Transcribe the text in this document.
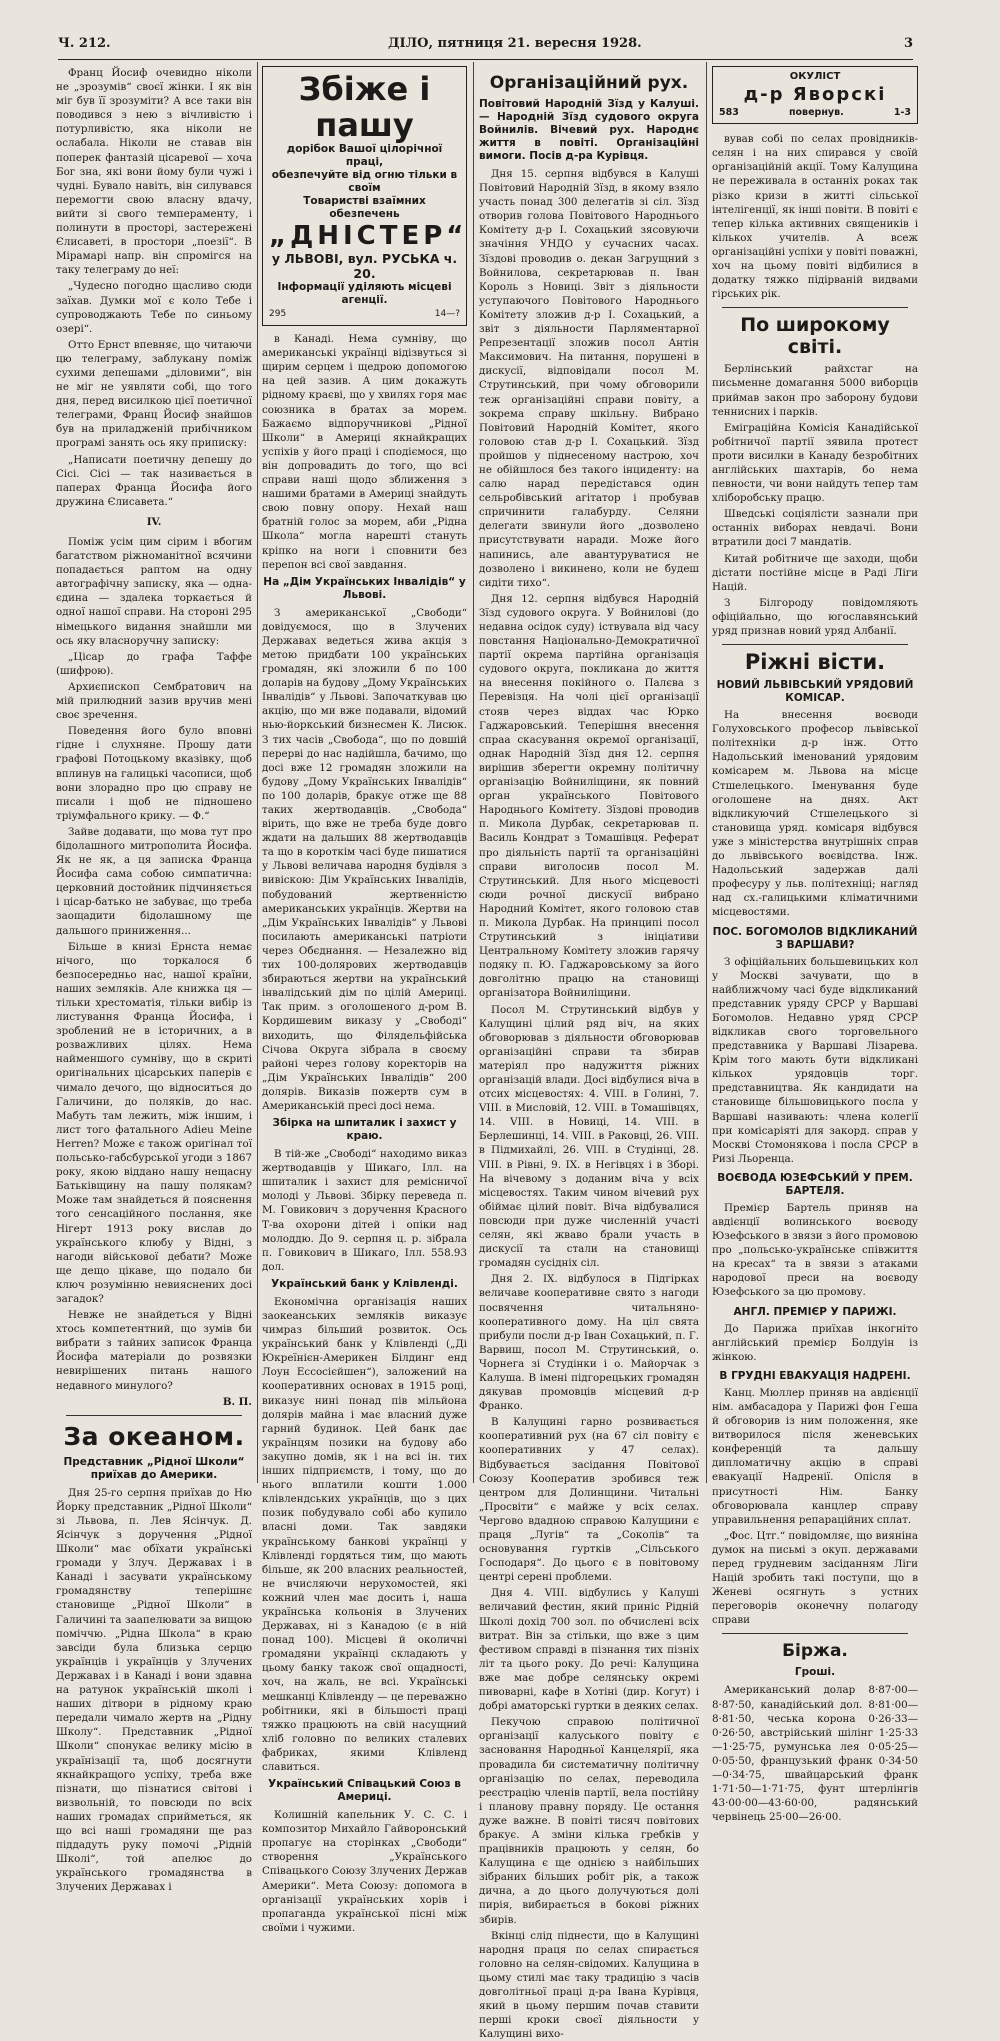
Ч. 212.	ДІЛО, пятниця 21. вересня 1928.	3

Франц Йосиф очевидно ніколи не „зрозумів“ своєї жінки. І як він міг був її зрозуміти? А все таки він поводився з нею з вічливістю і потурливістю, яка ніколи не ослабала. Ніколи не ставав він поперек фантазій цісаревої — хоча Бог зна, які вони йому були чужі і чудні. Бувало навіть, він силувався перемогти свою власну вдачу, вийти зі свого темпераменту, і полинути в просторі, застережені Єлисаветі, в простори „поезії“. В Мірамарі напр. він спромігся на таку телеграму до неї:

„Чудесно погодно щасливо сюди заїхав. Думки мої є коло Тебе і супроводжають Тебе по синьому озері“.

Отто Ернст впевняє, що читаючи цю телеграму, заблукану поміж сухими депешами „діловими“, він не міг не уявляти собі, що того дня, перед висилкою цієї поетичної телеграми, Франц Йосиф знайшов був на приладженій прибічником програмі занять ось яку приписку:

„Написати поетичну депешу до Сісі. Сісі — так називається в паперах Франца Йосифа його дружина Єлисавета.“

IV.

Поміж усім цим сірим і вбогим багатством ріжноманітної всячини попадається раптом на одну автографічну записку, яка — одна-єдина — здалека торкається й одної нашої справи. На стороні 295 німецького видання знайшли ми ось яку власноручну записку:

„Цісар до графа Таффе (шифрою).

Архиєпископ Сембратович на мій прилюдний зазив вручив мені своє зречення.

Поведення його було вповні гідне і слухняне. Прошу дати графові Потоцькому вказівку, щоб вплинув на галицькі часописи, щоб вони злорадно про цю справу не писали і щоб не підношено тріумфального крику. — Ф.“

Зайве додавати, що мова тут про бідолашного митрополита Йосифа. Як не як, а ця записка Франца Йосифа сама собою симпатична: церковний достойник підчиняється і цісар-батько не забуває, що треба заощадити бідолашному ще дальшого приниження...

Більше в книзі Ернста немає нічого, що торкалося б безпосередньо нас, нашої країни, наших земляків. Але книжка ця — тільки хрестоматія, тільки вибір із листування Франца Йосифа, і зроблений не в історичних, а в розважливих цілях. Нема найменшого сумніву, що в скриті оригінальних цісарських паперів є чимало дечого, що відноситься до Галичини, до поляків, до нас. Мабуть там лежить, між іншим, і лист того фатального Adieu Meine Herren? Може є також оригінал тої польсько-габсбурської угоди з 1867 року, якою віддано нашу нещасну Батьківщину на пашу полякам? Може там знайдеться й пояснення того сенсаційного послання, яке Нігерт 1913 року вислав до українського клюбу у Відні, з нагоди військової дебати? Може ще дещо цікаве, що подало би ключ розумінню невияснених досі загадок?

Невже не знайдеться у Відні хтось компетентний, що зумів би вибрати з тайних записок Франца Йосифа матеріали до розвязки невирішених питань нашого недавного минулого?

В. П.

За океаном.
Представник „Рідної Школи“ приїхав до Америки.

Дня 25-го серпня приїхав до Ню Йорку представник „Рідної Школи“ зі Львова, п. Лев Ясінчук. Д. Ясінчук з доручення „Рідної Школи“ має обїхати українські громади у Злуч. Державах і в Канаді і засувати українському громадянству теперішнє становище „Рідної Школи“ в Галичині та заапелювати за вищою поміччю. „Рідна Школа“ в краю завсіди була близька серцю українців і українців у Злучених Державах і в Канаді і вони здавна на ратунок українській школі і наших дітвори в рідному краю передали чимало жертв на „Рідну Школу“. Представник „Рідної Школи“ спонукає велику місію в українізації та, щоб досягнути якнайкращого успіху, треба вже пізнати, що пізнатися світові і визвольній, то повсюди по всіх наших громадах сприйметься, як що всі наші громадяни ще раз піддадуть руку помочі „Рідній Школі“, той апелює до українського громадянства в Злучених Державах і

Збіже і пашу
дорібок Вашої цілорічної праці,
обезпечуйте від огню тільки в своїм
Товаристві взаїмних обезпечень
„ДНІСТЕР“
у ЛЬВОВІ, вул. РУСЬКА ч. 20.
Інформації уділяють місцеві агенції.
295	14—?

в Канаді. Нема сумніву, що американські українці відізвуться зі щирим серцем і щедрою допомогою на цей зазив. А цим докажуть рідному краєві, що у хвилях горя має союзника в братах за морем. Бажаємо відпоручникові „Рідної Школи“ в Америці якнайкращих успіхів у його праці і сподіємося, що він допровадить до того, що всі справи наші щодо зближення з нашими братами в Америці знайдуть свою повну опору. Нехай наш братній голос за морем, аби „Рідна Школа“ могла нарешті стануть кріпко на ноги і сповнити без перепон всі свої завдання.

На „Дім Українських Інвалідів“ у Львові.

З американської „Свободи“ довідуємося, що в Злучених Державах ведеться жива акція з метою придбати 100 українських громадян, які зложили б по 100 доларів на будову „Дому Українських Інвалідів“ у Львові. Започаткував цю акцію, що ми вже подавали, відомий нью-йоркський бизнесмен К. Лисюк. З тих часів „Свобода“, що по довшій перерві до нас надійшла, бачимо, що досі вже 12 громадян зложили на будову „Дому Українських Інвалідів“ по 100 доларів, бракує отже ще 88 таких жертводавців. „Свобода“ вірить, що вже не треба буде довго ждати на дальших 88 жертводавців та що в короткім часі буде пишатися у Львові величава народня будівля з вивіскою: Дім Українських Інвалідів, побудований жертвенністю американських українців. Жертви на „Дім Українських Інвалідів“ у Львові посилають американські патріоти через Обєднання. — Незалежно від тих 100-долярових жертводавців збираються жертви на український інвалідський дім по цілій Америці. Так прим. з оголошеного д-ром В. Кордишевим виказу у „Свободі“ виходить, що Філядельфійська Січова Округа зібрала в своєму районі через голову коректорів на „Дім Українських Інвалідів“ 200 долярів. Виказів пожертв сум в Американській пресі досі нема.

Збірка на шпиталик і захист у краю.

В тій-же „Свободі“ находимо виказ жертводавців у Шикаго, Ілл. на шпиталик і захист для ремісничої молоді у Львові. Збірку переведа п. М. Говикович з доручення Красного Т-ва охорони дітей і опіки над молоддю. До 9. серпня ц. р. зібрала п. Говикович в Шикаго, Ілл. 558.93 дол.

Український банк у Клівленді.

Економічна організація наших заокеанських земляків виказує чимраз більший розвиток. Ось український банк у Клівленді („Ді Юкреїнієн-Америкен Білдинг енд Лоун Ессосієйшен“), заложений на кооперативних основах в 1915 році, виказує нині понад пів мільйона долярів майна і має власний дуже гарний будинок. Цей банк дає українцям позики на будову або закупно домів, як і на всі ін. тих інших підприємств, і тому, що до нього вплатили кошти 1.000 клівлендських українців, що з цих позик побудувало собі або купило власні доми. Так завдяки українському банкові українці у Клівленді гордяться тим, що мають більше, як 200 власних реальностей, не вчисляючи нерухомостей, які кожний член має досить і, наша українська кольонія в Злучених Державах, ні з Канадою (є в ній понад 100). Місцеві й околичні громадяни українці складають у цьому банку також свої ощадності, хоч, на жаль, не всі. Українські мешканці Клівленду — це переважно робітники, які в більшості праці тяжко працюють на свій насущний хліб головно по великих сталевих фабриках, якими Клівленд славиться.

Український Співацький Союз в Америці.

Колишній капельник У. С. С. і композитор Михайло Гайворонський пропагує на сторінках „Свободи“ створення „Українського Співацького Союзу Злучених Держав Америки“. Мета Союзу: допомога в організації українських хорів і пропаганда української пісні між своїми і чужими.

Організаційний рух.
Повітовий Народній Зїзд у Калуші. — Народній Зїзд судового округа Войнилів. Вічевий рух. Народнє життя в повіті. Організаційні вимоги. Посів д-ра Курівця.

Дня 15. серпня відбувся в Калуші Повітовий Народній Зїзд, в якому взяло участь понад 300 делегатів зі сіл. Зїзд отворив голова Повітового Народнього Комітету д-р І. Сохацький зясовуючи значіння УНДО у сучасних часах. Зїздові проводив о. декан Загрущний з Войнилова, секретарював п. Іван Король з Новиці. Звіт з діяльности уступаючого Повітового Народнього Комітету зложив д-р І. Сохацький, а звіт з діяльности Парляментарної Репрезентації зложив посол Антін Максимович. На питання, порушені в дискусії, відповідали посол М. Струтинський, при чому обговорили теж організаційні справи повіту, а зокрема справу шкільну. Вибрано Повітовий Народній Комітет, якого головою став д-р І. Сохацький. Зїзд пройшов у піднесеному настрою, хоч не обійшлося без такого інциденту: на салю нарад передістався один сельробівський агітатор і пробував спричинити галабурду. Селяни делегати звинули його „дозволено присутствувати наради. Може його напинись, але авантуруватися не дозволено і викинено, коли не будеш сидіти тихо“.

Дня 12. серпня відбувся Народній Зїзд судового округа. У Войнилові (до недавна осідок суду) іствувала від часу повстання Національно-Демократичної партії окрема партійна організація судового округа, покликана до життя на внесення покійного о. Палєва з Перевізця. На чолі цієї організації стояв через віддах час Юрко Гаджаровський. Теперішня внесення спраа скасування окремої організації, однак Народній Зїзд дня 12. серпня вирішив зберегти окремну політичну організацію Войниліщини, як повний орган українського Повітового Народнього Комітету. Зїздові проводив п. Микола Дурбак, секретарював п. Василь Кондрат з Томашівця. Реферат про діяльність партії та організаційні справи виголосив посол М. Струтинський. Для нього місцевості сюди рочної дискусії вибрано Народний Комітет, якого головою став п. Микола Дурбак. На принципі посол Струтинський з ініціативи Центральному Комітету зложив гарячу подяку п. Ю. Гаджаровському за його довголітню працю на становищі організатора Войниліщини.

Посол М. Струтинський відбув у Калущині цілий ряд віч, на яких обговорював з діяльности обговорював організаційні справи та збирав матеріял про надужиття ріжних організацій влади. Досі відбулися віча в отсих місцевостях: 4. VIII. в Голині, 7. VIII. в Мисловій, 12. VIII. в Томашівцях, 14. VIII. в Новиці, 14. VIII. в Берлешинці, 14. VIII. в Раковці, 26. VIII. в Підмихайлі, 26. VIII. в Студінці, 28. VIII. в Рівні, 9. IX. в Негівцях і в Зборі. На вічевому з доданим віча у всіх місцевостях. Таким чином вічевий рух обіймає цілий повіт. Віча відбувалися повсюди при дуже численній участі селян, які жваво брали участь в дискусії та стали на становищі громадян сусідніх сіл.

Дня 2. IX. відбулося в Підгірках величаве кооперативне свято з нагоди посвячення читальняно-кооперативного дому. На ціл свята прибули посли д-р Іван Сохацький, п. Г. Варвиш, посол М. Струтинський, о. Чорнега зі Студінки і о. Майорчак з Калуша. В імені підгорецьких громадян дякував промовців місцевий д-р Франко.

В Калущині гарно розвивається кооперативний рух (на 67 сіл повіту є кооперативних у 47 селах). Відбувається засідання Повітової Союзу Кооператив зробився теж центром для Долинщини. Читальні „Просвіти“ є майже у всіх селах. Чергово вдадною справою Калущини є праця „Лугів“ та „Соколів“ та основування гуртків „Сільського Господаря“. До цього є в повітовому центрі серені проблеми.

Дня 4. VIII. відбулись у Калуші величавий фестин, який приніс Рідній Школі дохід 700 зол. по обчислені всіх витрат. Він за стільки, що вже з цим фестивом справді в пізнання тих пізніх літ та цього року. До речі: Калущина вже має добре селянську окремі пивоварні, кафе в Хотіні (дир. Когут) і добрі аматорські гуртки в деяких селах.

Пекучою справою політичної організації калуського повіту є засновання Народньої Канцелярії, яка провадила би систематичну політичну організацію по селах, переводила реєстрацію членів партії, вела постійну і планову правну поряду. Це остання дуже важне. В повіті тисяч повітових бракує. А зміни кілька гребків у працівників працюють у селян, бо Калущина є ще однією з найбільших зібраних більших робіт рік, а також дична, а до цього долучуються долі пирія, вибирається в бокові ріжних збирів.

Вкінці слід піднести, що в Калущині народня праця по селах спирається головно на селян-свідомих. Калущина в цьому стилі має таку традицію з часів довголітньої праці д-ра Івана Курівця, який в цьому першим почав ставити перші кроки своєї діяльности у Калущині вихо-

ОКУЛІСТ
д-р Яворскі
583	повернув.	1-3

вував собі по селах провідників-селян і на них спирався у своїй організаційній акції. Тому Калущина не переживала в останніх роках так різко кризи в житті сільської інтелігенції, як інші повіти. В повіті є тепер кілька активних священиків і кількох учителів. А всеж організаційні успіхи у повіті поважні, хоч на цьому повіті відбилися в додатку тяжко підірваній видвами гірських рік.

По широкому світі.

Берлінський райхстаг на письменне домагання 5000 виборців приймав закон про заборону будови теннисних і парків.

Еміграційна Комісія Канадійської робітничої партії зявила протест проти висилки в Канаду безробітних англійських шахтарів, бо нема певности, чи вони найдуть тепер там хліборобську працю.

Шведські соціялісти зазнали при останніх виборах невдачі. Вони втратили досі 7 мандатів.

Китай робітниче ще заходи, щоби дістати постійне місце в Раді Ліги Націй.

З Білгороду повідомляють офіційально, що югославянський уряд признав новий уряд Албанії.

Ріжні вісти.
НОВИЙ ЛЬВІВСЬКИЙ УРЯДОВИЙ КОМІСАР.

На внесення воєводи Голуховського професор львівської політехніки д-р інж. Отто Надольський іменований урядовим комісарем м. Львова на місце Стшелецького. Іменування буде оголошене на днях. Акт відкликуючий Стшелецького зі становища уряд. комісаря відбувся уже з міністерства внутрішніх справ до львівського воєвідства. Інж. Надольський задержав далі професуру у льв. політехніці; нагляд над сх.-галицькими кліматичними місцевостями.

ПОС. БОГОМОЛОВ ВІДКЛИКАНИЙ З ВАРШАВИ?

З офіційальних большевицьких кол у Москві зачувати, що в найближчому часі буде відкликаний представник уряду СРСР у Варшаві Богомолов. Недавно уряд СРСР відкликав свого торговельного представника у Варшаві Лізарева. Крім того мають бути відкликані кількох урядовців торг. представництва. Як кандидати на становище більшовицького посла у Варшаві називають: члена колегії при комісаріяті для закорд. справ у Москві Стомонякова і посла СРСР в Ризі Льоренца.

ВОЄВОДА ЮЗЕФСЬКИЙ У ПРЕМ. БАРТЕЛЯ.

Премієр Бартель приняв на авдієнції волинського воєводу Юзефського в звязи з його промовою про „польсько-українське співжиття на кресах“ та в звязи з атаками народової преси на воєводу Юзефського за цю промову.

АНГЛ. ПРЕМІЄР У ПАРИЖІ.

До Парижа приїхав інкогніто англійський премієр Болдуін із жінкою.

В ГРУДНІ ЕВАКУАЦІЯ НАДРЕНІ.

Канц. Мюллер приняв на авдієнції нім. амбасадора у Парижі фон Геша й обговорив із ним положення, яке витворилося після женевських конференцій та дальшу дипломатичну акцію в справі евакуації Надренії. Опісля в присутності Нім. Банку обговорювала канцлер справу управильнення репараційних сплат.

„Фос. Цтг.“ повідомляє, що вияніна думок на письмі з окуп. державами перед грудневим засіданням Ліги Націй зробить такі поступи, що в Женеві осягнуть з устних переговорів оконечну полагоду справи

Біржа.
Гроші.

Американський долар 8·87·00—8·87·50, канадійський дол. 8·81·00—8·81·50, чеська корона 0·26·33—0·26·50, австрійський шілінг 1·25·33—1·25·75, румунська лея 0·05·25—0·05·50, французький франк 0·34·50—0·34·75, швайцарський франк 1·71·50—1·71·75, фунт штерлінгів 43·00·00—43·60·00, радянський червінець 25·00—26·00.
